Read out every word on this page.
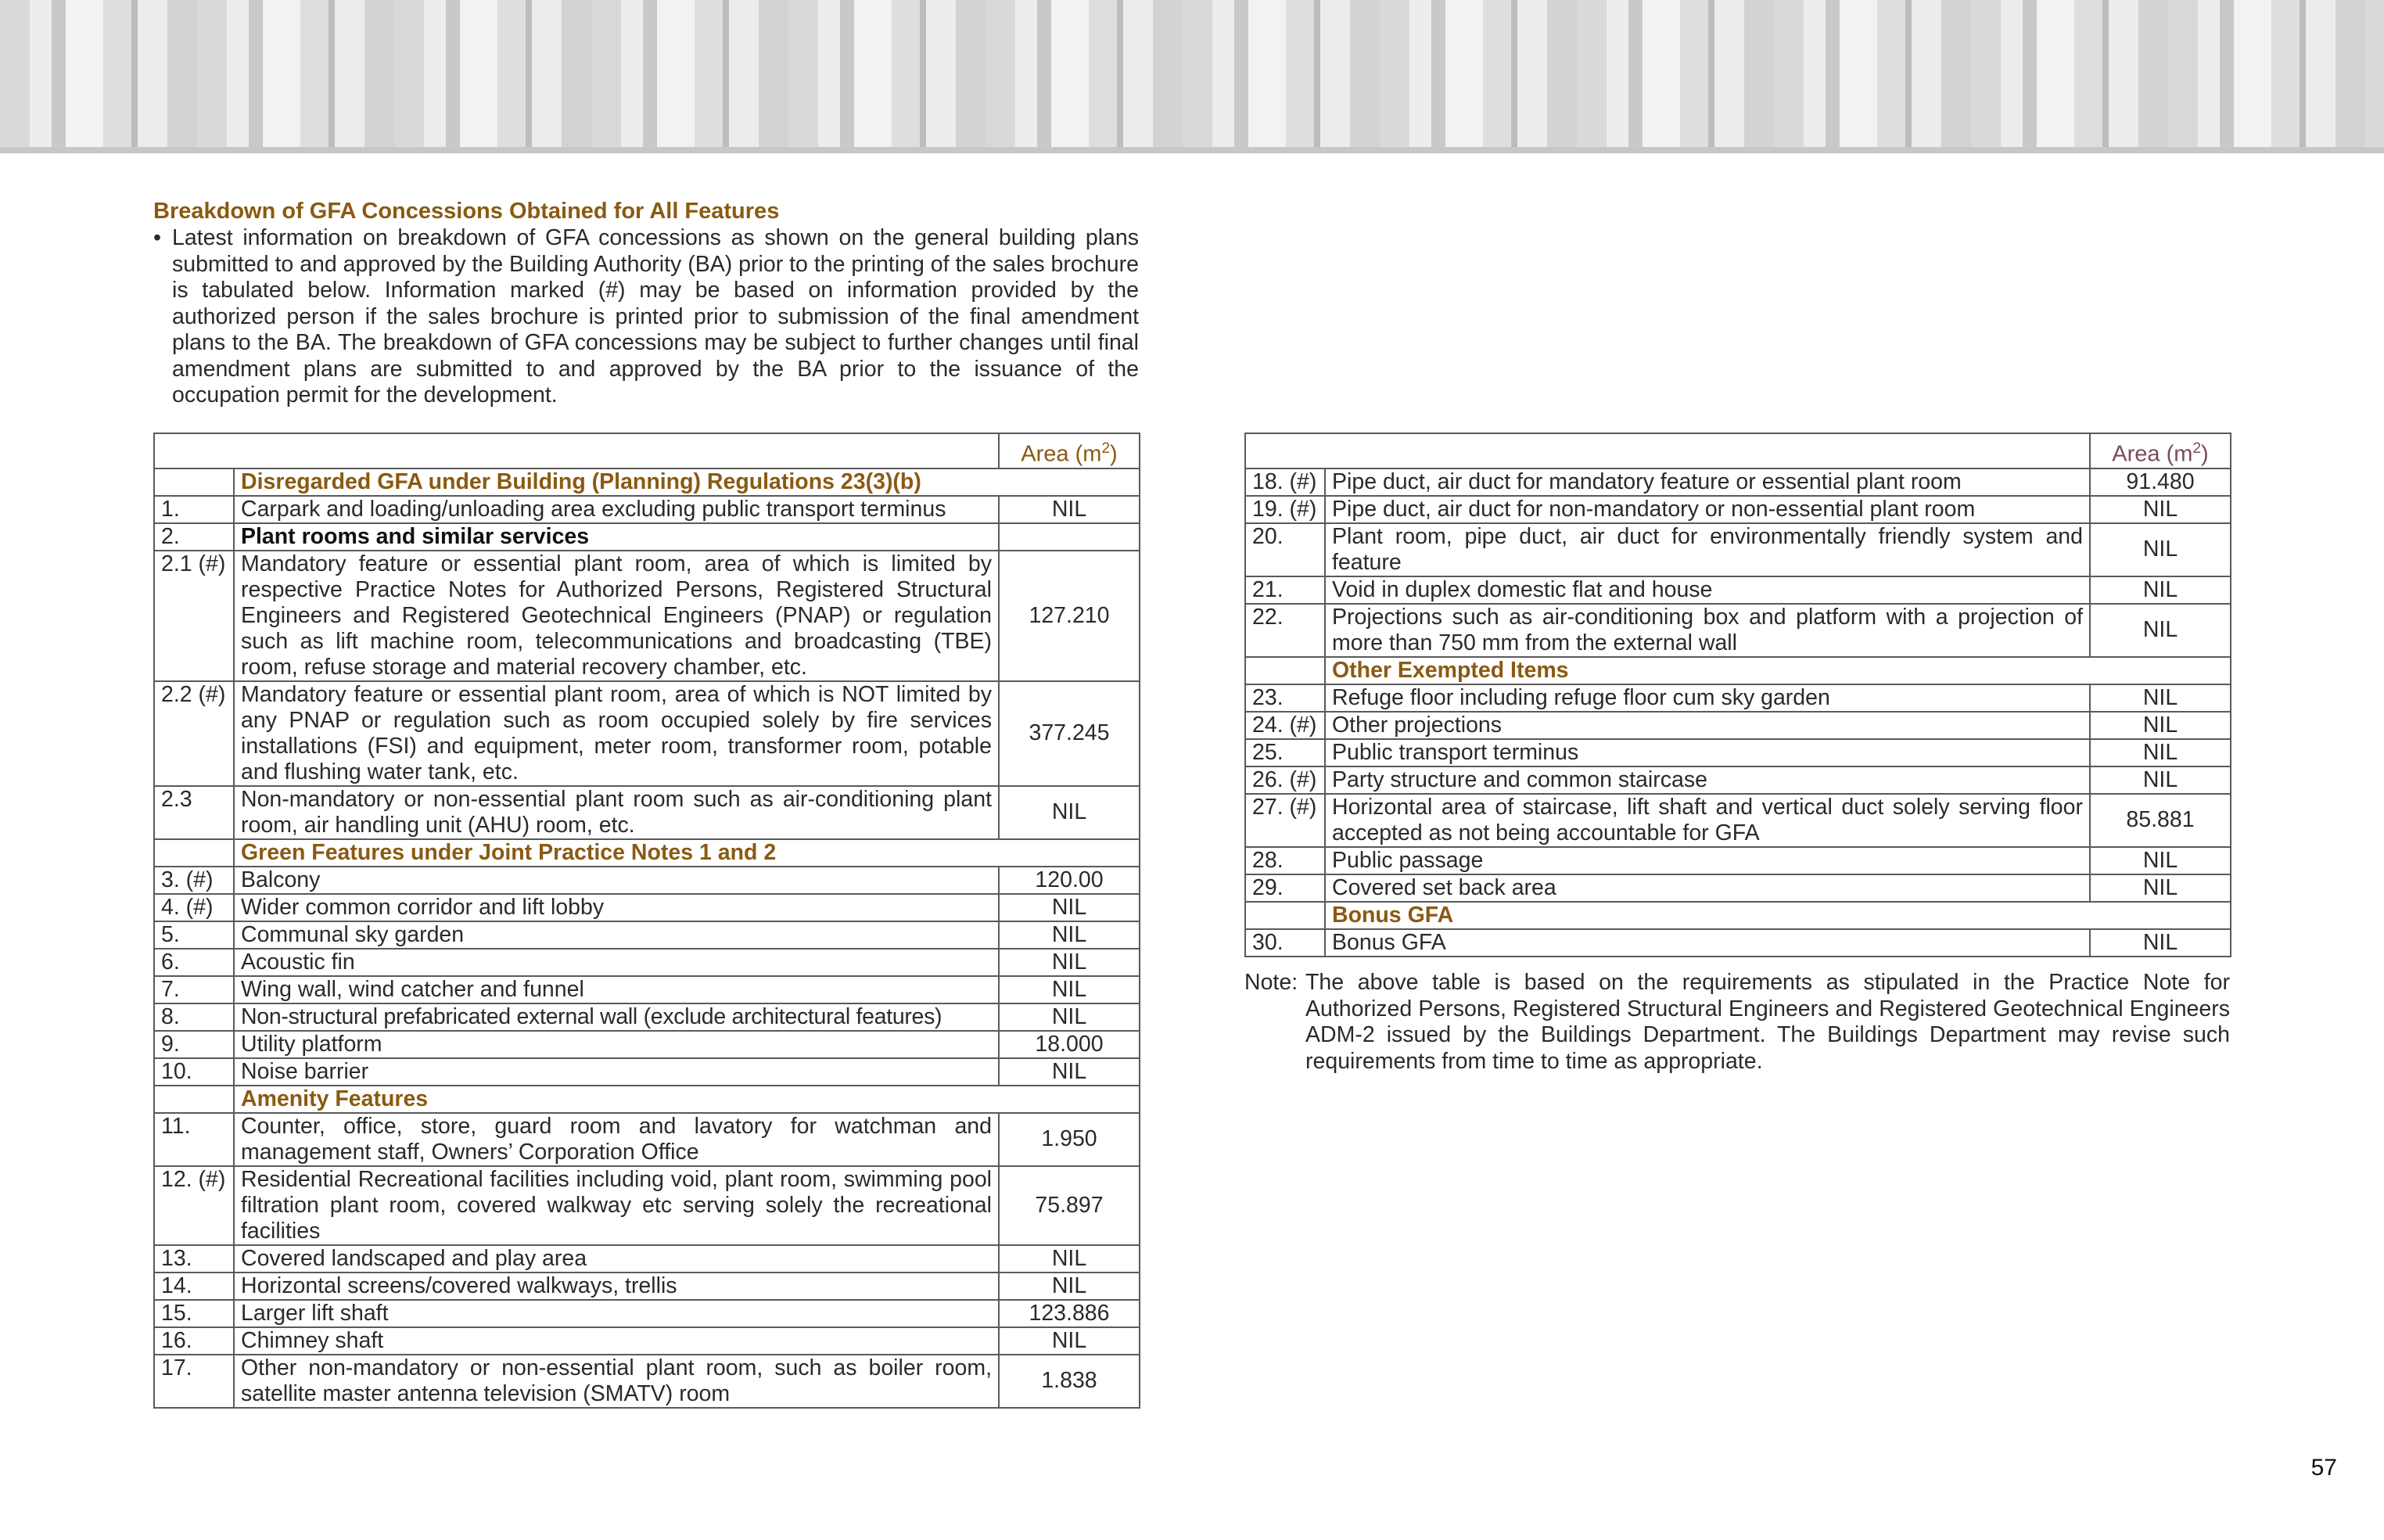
Breakdown of GFA Concessions Obtained for All Features

• Latest information on breakdown of GFA concessions as shown on the general building plans submitted to and approved by the Building Authority (BA) prior to the printing of the sales brochure is tabulated below. Information marked (#) may be based on information provided by the authorized person if the sales brochure is printed prior to submission of the final amendment plans to the BA. The breakdown of GFA concessions may be subject to further changes until final amendment plans are submitted to and approved by the BA prior to the issuance of the occupation permit for the development.

		Area $(m^2)$
	Disregarded GFA under Building (Planning) Regulations 23(3)(b)	
1.	Carpark and loading/unloading area excluding public transport terminus	NIL
2.	Plant rooms and similar services	
2.1 (#)	Mandatory feature or essential plant room, area of which is limited by respective Practice Notes for Authorized Persons, Registered Structural Engineers and Registered Geotechnical Engineers (PNAP) or regulation such as lift machine room, telecommunications and broadcasting (TBE) room, refuse storage and material recovery chamber, etc.	127.210
2.2 (#)	Mandatory feature or essential plant room, area of which is NOT limited by any PNAP or regulation such as room occupied solely by fire services installations (FSI) and equipment, meter room, transformer room, potable and flushing water tank, etc.	377.245
2.3	Non-mandatory or non-essential plant room such as air-conditioning plant room, air handling unit (AHU) room, etc.	NIL
	Green Features under Joint Practice Notes 1 and 2	
3. (#)	Balcony	120.00
4. (#)	Wider common corridor and lift lobby	NIL
5.	Communal sky garden	NIL
6.	Acoustic fin	NIL
7.	Wing wall, wind catcher and funnel	NIL
8.	Non-structural prefabricated external wall (exclude architectural features)	NIL
9.	Utility platform	18.000
10.	Noise barrier	NIL
	Amenity Features	
11.	Counter, office, store, guard room and lavatory for watchman and management staff, Owners’ Corporation Office	1.950
12. (#)	Residential Recreational facilities including void, plant room, swimming pool filtration plant room, covered walkway etc serving solely the recreational facilities	75.897
13.	Covered landscaped and play area	NIL
14.	Horizontal screens/covered walkways, trellis	NIL
15.	Larger lift shaft	123.886
16.	Chimney shaft	NIL
17.	Other non-mandatory or non-essential plant room, such as boiler room, satellite master antenna television (SMATV) room	1.838
		Area $(m^2)$
18. (#)	Pipe duct, air duct for mandatory feature or essential plant room	91.480
19. (#)	Pipe duct, air duct for non-mandatory or non-essential plant room	NIL
20.	Plant room, pipe duct, air duct for environmentally friendly system and feature	NIL
21.	Void in duplex domestic flat and house	NIL
22.	Projections such as air-conditioning box and platform with a projection of more than 750 mm from the external wall	NIL
	Other Exempted Items	
23.	Refuge floor including refuge floor cum sky garden	NIL
24. (#)	Other projections	NIL
25.	Public transport terminus	NIL
26. (#)	Party structure and common staircase	NIL
27. (#)	Horizontal area of staircase, lift shaft and vertical duct solely serving floor accepted as not being accountable for GFA	85.881
28.	Public passage	NIL
29.	Covered set back area	NIL
	Bonus GFA	
30.	Bonus GFA	NIL

Note: The above table is based on the requirements as stipulated in the Practice Note for Authorized Persons, Registered Structural Engineers and Registered Geotechnical Engineers ADM-2 issued by the Buildings Department. The Buildings Department may revise such requirements from time to time as appropriate.

57
